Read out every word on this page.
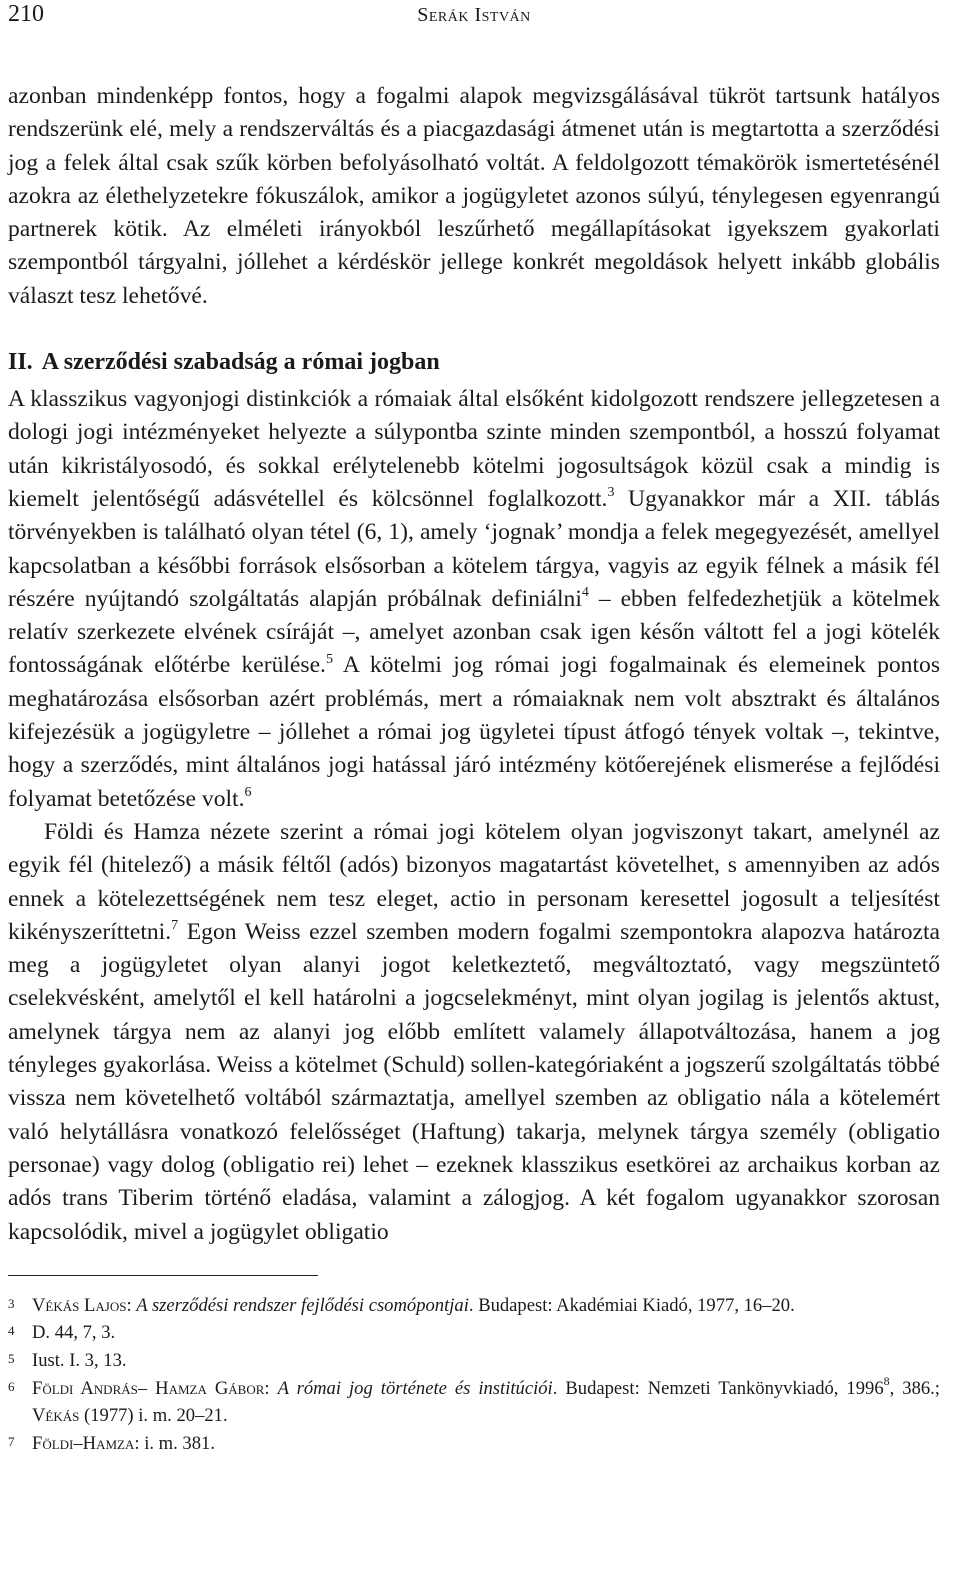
210	Serák István

azonban mindenképp fontos, hogy a fogalmi alapok megvizsgálásával tükröt tartsunk hatályos rendszerünk elé, mely a rendszerváltás és a piacgazdasági átmenet után is megtartotta a szerződési jog a felek által csak szűk körben befolyásolható voltát. A feldolgozott témakörök ismertetésénél azokra az élethelyzetekre fókuszálok, amikor a jogügyletet azonos súlyú, ténylegesen egyenrangú partnerek kötik. Az elméleti irányokból leszűrhető megállapításokat igyekszem gyakorlati szempontból tárgyalni, jóllehet a kérdéskör jellege konkrét megoldások helyett inkább globális választ tesz lehetővé.

II. A szerződési szabadság a római jogban

A klasszikus vagyonjogi distinkciók a rómaiak által elsőként kidolgozott rendszere jellegzetesen a dologi jogi intézményeket helyezte a súlypontba szinte minden szempontból, a hosszú folyamat után kikristályosodó, és sokkal erélytelenebb kötelmi jogosultságok közül csak a mindig is kiemelt jelentőségű adásvétellel és kölcsönnel foglalkozott.$^3$ Ugyanakkor már a XII. táblás törvényekben is található olyan tétel (6, 1), amely ‘jognak’ mondja a felek megegyezését, amellyel kapcsolatban a későbbi források elsősorban a kötelem tárgya, vagyis az egyik félnek a másik fél részére nyújtandó szolgáltatás alapján próbálnak definiálni$^4$ – ebben felfedezhetjük a kötelmek relatív szerkezete elvének csíráját –, amelyet azonban csak igen későn váltott fel a jogi kötelék fontosságának előtérbe kerülése.$^5$ A kötelmi jog római jogi fogalmainak és elemeinek pontos meghatározása elsősorban azért problémás, mert a rómaiaknak nem volt absztrakt és általános kifejezésük a jogügyletre – jóllehet a római jog ügyletei típust átfogó tények voltak –, tekintve, hogy a szerződés, mint általános jogi hatással járó intézmény kötőerejének elismerése a fejlődési folyamat betetőzése volt.$^6$

Földi és Hamza nézete szerint a római jogi kötelem olyan jogviszonyt takart, amelynél az egyik fél (hitelező) a másik féltől (adós) bizonyos magatartást követelhet, s amennyiben az adós ennek a kötelezettségének nem tesz eleget, actio in personam keresettel jogosult a teljesítést kikényszeríttetni.$^7$ Egon Weiss ezzel szemben modern fogalmi szempontokra alapozva határozta meg a jogügyletet olyan alanyi jogot keletkeztető, megváltoztató, vagy megszüntető cselekvésként, amelytől el kell határolni a jogcselekményt, mint olyan jogilag is jelentős aktust, amelynek tárgya nem az alanyi jog előbb említett valamely állapotváltozása, hanem a jog tényleges gyakorlása. Weiss a kötelmet (Schuld) sollen-kategóriaként a jogszerű szolgáltatás többé vissza nem követelhető voltából származtatja, amellyel szemben az obligatio nála a kötelemért való helytállásra vonatkozó felelősséget (Haftung) takarja, melynek tárgya személy (obligatio personae) vagy dolog (obligatio rei) lehet – ezeknek klasszikus esetkörei az archaikus korban az adós trans Tiberim történő eladása, valamint a zálogjog. A két fogalom ugyanakkor szorosan kapcsolódik, mivel a jogügylet obligatio

3 Vékás Lajos: A szerződési rendszer fejlődési csomópontjai. Budapest: Akadémiai Kiadó, 1977, 16–20.
4 D. 44, 7, 3.
5 Iust. I. 3, 13.
6 Földi András– Hamza Gábor: A római jog története és institúciói. Budapest: Nemzeti Tankönyvkiadó, 1996$^8$, 386.; Vékás (1977) i. m. 20–21.
7 Földi–Hamza: i. m. 381.
